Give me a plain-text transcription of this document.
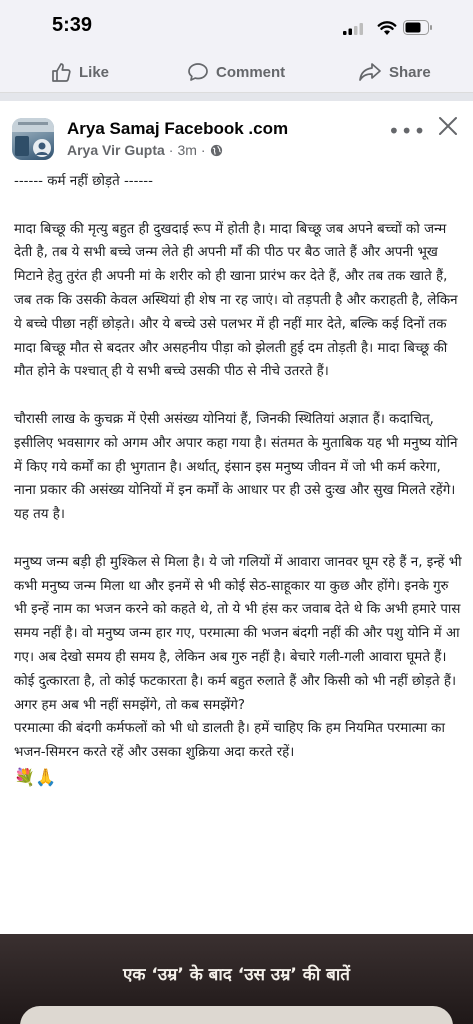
5:39
Like	Comment	Share
Arya Samaj Facebook .com
Arya Vir Gupta · 3m ·
•••

------ कर्म नहीं छोड़ते ------

मादा बिच्छू की मृत्यु बहुत ही दुखदाई रूप में होती है। मादा बिच्छू जब अपने बच्चों को जन्म देती है, तब ये सभी बच्चे जन्म लेते ही अपनी मांँ की पीठ पर बैठ जाते हैं और अपनी भूख मिटाने हेतु तुरंत ही अपनी मां के शरीर को ही खाना प्रारंभ कर देते हैं, और तब तक खाते हैं, जब तक कि उसकी केवल अस्थियां ही शेष ना रह जाएं। वो तड़पती है और कराहती है, लेकिन ये बच्चे पीछा नहीं छोड़ते। और ये बच्चे उसे पलभर में ही नहीं मार देते, बल्कि कई दिनों तक मादा बिच्छू मौत से बदतर और असहनीय पीड़ा को झेलती हुई दम तोड़ती है। मादा बिच्छू की मौत होने के पश्चात् ही ये सभी बच्चे उसकी पीठ से नीचे उतरते हैं।

चौरासी लाख के कुचक्र में ऐसी असंख्य योनियां हैं, जिनकी स्थितियां अज्ञात हैं। कदाचित्, इसीलिए भवसागर को अगम और अपार कहा गया है। संतमत के मुताबिक यह भी मनुष्य योनि में किए गये कर्मों का ही भुगतान है। अर्थात्, इंसान इस मनुष्य जीवन में जो भी कर्म करेगा, नाना प्रकार की असंख्य योनियों में इन कर्मों के आधार पर ही उसे दुःख और सुख मिलते रहेंगे। यह तय है।

मनुष्य जन्म बड़ी ही मुश्किल से मिला है। ये जो गलियों में आवारा जानवर घूम रहे हैं न, इन्हें भी कभी मनुष्य जन्म मिला था और इनमें से भी कोई सेठ-साहूकार या कुछ और होंगे। इनके गुरु भी इन्हें नाम का भजन करने को कहते थे, तो ये भी हंस कर जवाब देते थे कि अभी हमारे पास समय नहीं है। वो मनुष्य जन्म हार गए, परमात्मा की भजन बंदगी नहीं की और पशु योनि में आ गए। अब देखो समय ही समय है, लेकिन अब गुरु नहीं है। बेचारे गली-गली आवारा घूमते हैं। कोई दुत्कारता है, तो कोई फटकारता है। कर्म बहुत रुलाते हैं और किसी को भी नहीं छोड़ते हैं।

अगर हम अब भी नहीं समझेंगे, तो कब समझेंगे?

परमात्मा की बंदगी कर्मफलों को भी धो डालती है। हमें चाहिए कि हम नियमित परमात्मा का भजन-सिमरन करते रहें और उसका शुक्रिया अदा करते रहें।

💐🙏
एक ‘उम्र’ के बाद ‘उस उम्र’ की बातें
